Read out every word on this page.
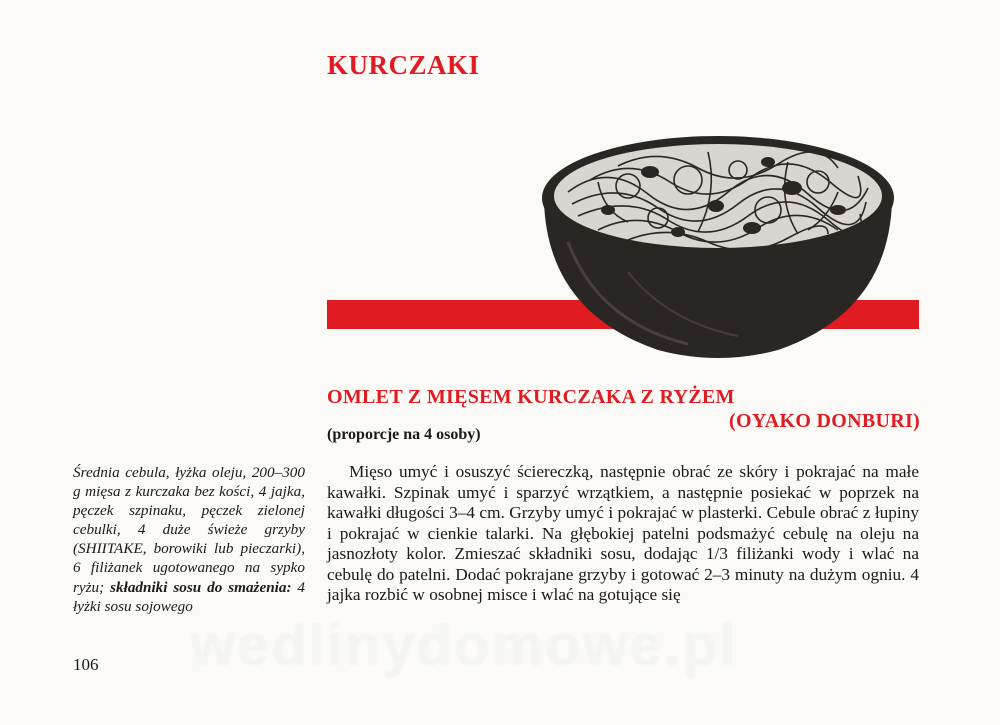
KURCZAKI
OMLET Z MIĘSEM KURCZAKA Z RYŻEM
(OYAKO DONBURI)
(proporcje na 4 osoby)

Średnia cebula, łyżka oleju, 200–300 g mięsa z kurczaka bez kości, 4 jajka, pęczek szpinaku, pęczek zielonej cebulki, 4 duże świeże grzyby (SHIITAKE, borowiki lub pieczarki), 6 filiżanek ugotowanego na sypko ryżu; składniki sosu do smażenia: 4 łyżki sosu sojowego

Mięso umyć i osuszyć ściereczką, następnie obrać ze skóry i pokrajać na małe kawałki. Szpinak umyć i sparzyć wrzątkiem, a następnie posiekać w poprzek na kawałki długości 3–4 cm. Grzyby umyć i pokrajać w plasterki. Cebule obrać z łupiny i pokrajać w cienkie talarki. Na głębokiej patelni podsmażyć cebulę na oleju na jasnozłoty kolor. Zmieszać składniki sosu, dodając 1/3 filiżanki wody i wlać na cebulę do patelni. Dodać pokrajane grzyby i gotować 2–3 minuty na dużym ogniu. 4 jajka rozbić w osobnej misce i wlać na gotujące się

106 wedlinydomowe.pl
